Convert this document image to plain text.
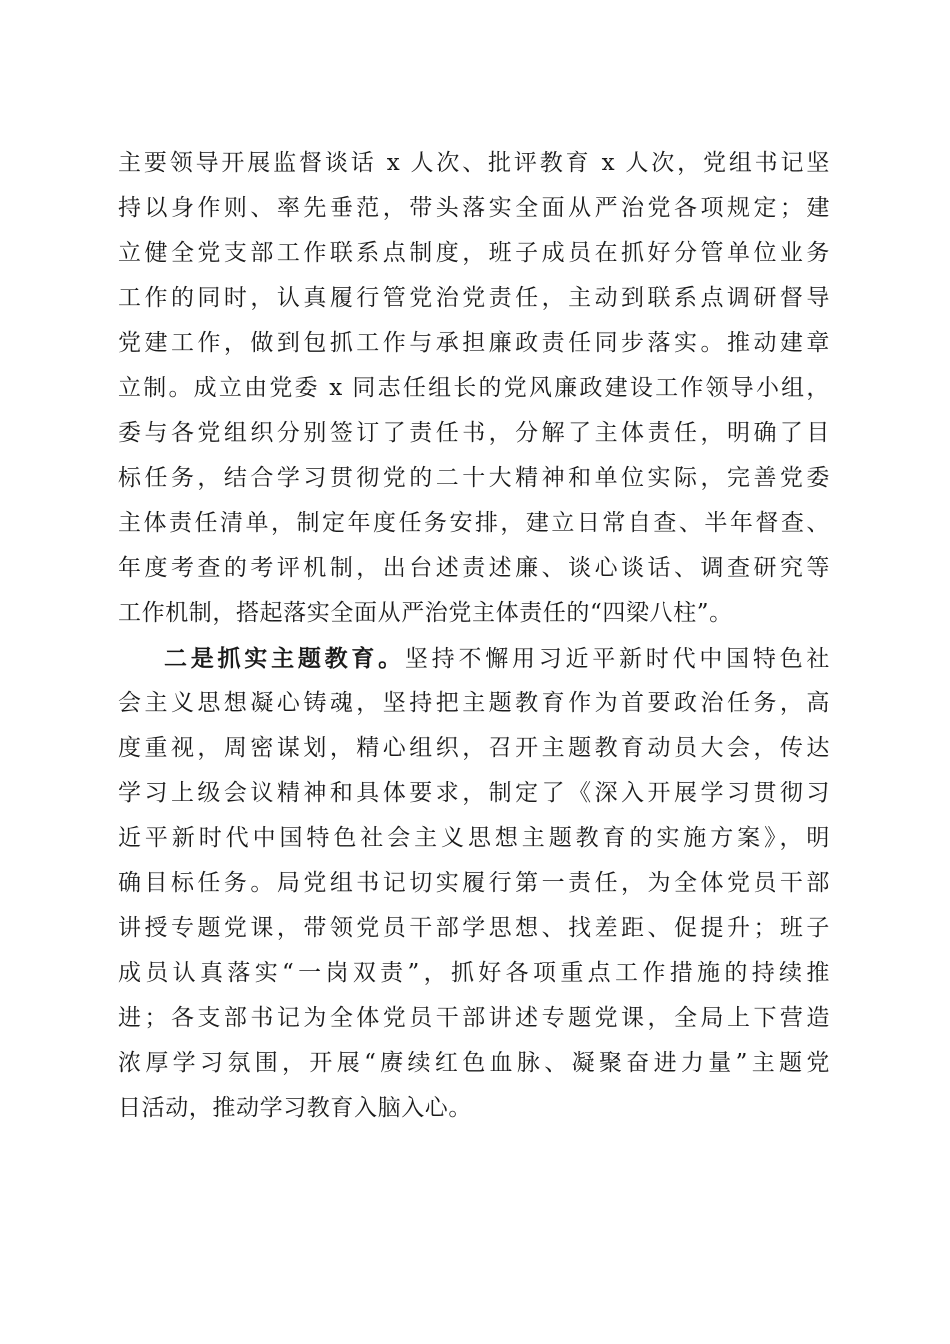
主要领导开展监督谈话 x 人次、批评教育 x 人次，党组书记坚
持以身作则、率先垂范，带头落实全面从严治党各项规定；建
立健全党支部工作联系点制度，班子成员在抓好分管单位业务
工作的同时，认真履行管党治党责任，主动到联系点调研督导
党建工作，做到包抓工作与承担廉政责任同步落实。推动建章
立制。成立由党委 x 同志任组长的党风廉政建设工作领导小组，
委与各党组织分别签订了责任书，分解了主体责任，明确了目
标任务，结合学习贯彻党的二十大精神和单位实际，完善党委
主体责任清单，制定年度任务安排，建立日常自查、半年督查、
年度考查的考评机制，出台述责述廉、谈心谈话、调查研究等
工作机制，搭起落实全面从严治党主体责任的“四梁八柱”。
二是抓实主题教育。坚持不懈用习近平新时代中国特色社
会主义思想凝心铸魂，坚持把主题教育作为首要政治任务，高
度重视，周密谋划，精心组织，召开主题教育动员大会，传达
学习上级会议精神和具体要求，制定了《深入开展学习贯彻习
近平新时代中国特色社会主义思想主题教育的实施方案》，明
确目标任务。局党组书记切实履行第一责任，为全体党员干部
讲授专题党课，带领党员干部学思想、找差距、促提升；班子
成员认真落实“一岗双责”，抓好各项重点工作措施的持续推
进；各支部书记为全体党员干部讲述专题党课，全局上下营造
浓厚学习氛围，开展“赓续红色血脉、凝聚奋进力量”主题党
日活动，推动学习教育入脑入心。
